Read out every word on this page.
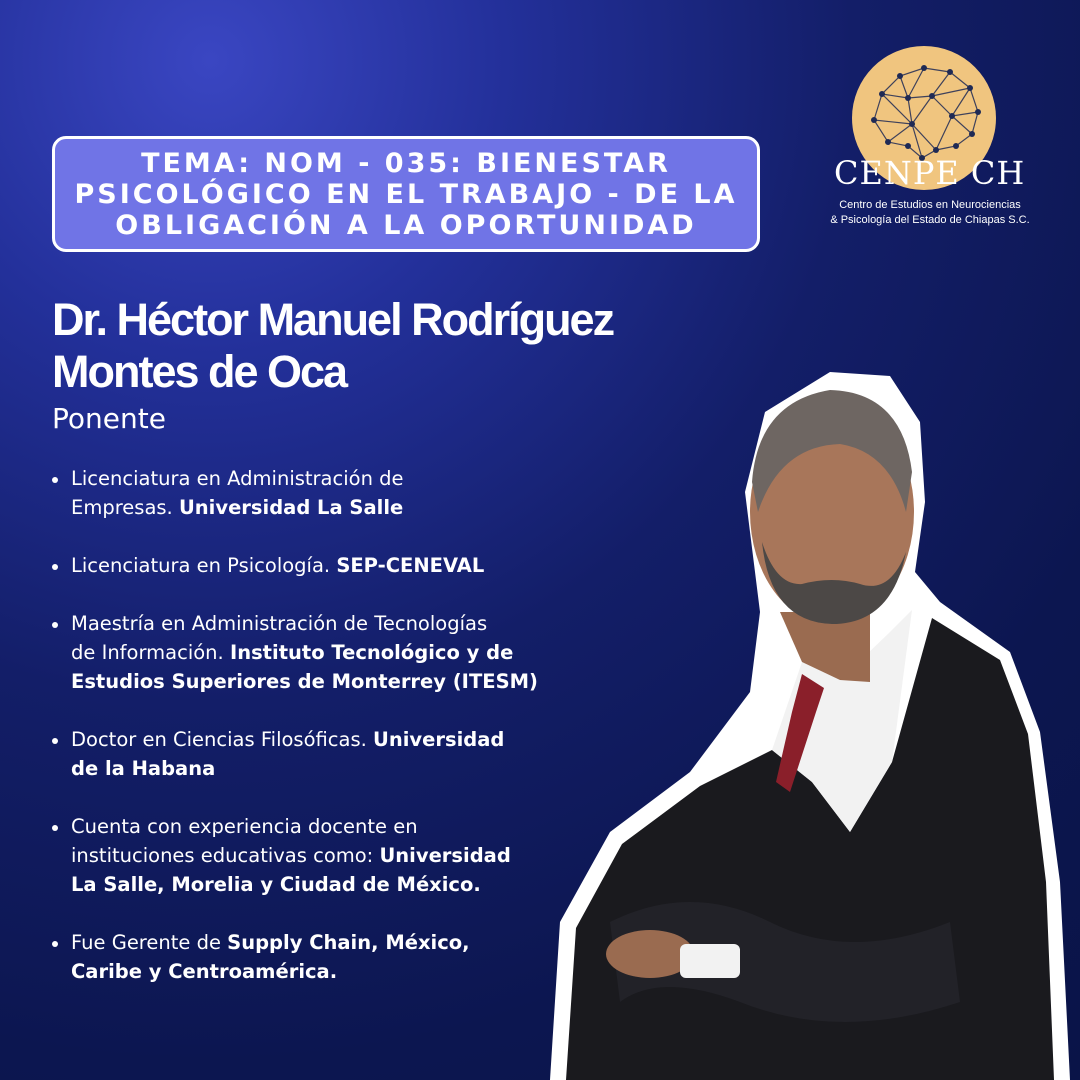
TEMA: NOM - 035: BIENESTAR
PSICOLÓGICO EN EL TRABAJO - DE LA
OBLIGACIÓN A LA OPORTUNIDAD
CENPE CH
Centro de Estudios en Neurociencias
& Psicología del Estado de Chiapas S.C.
Dr. Héctor Manuel Rodríguez
Montes de Oca
Ponente
Licenciatura en Administración de
Empresas. Universidad La Salle
Licenciatura en Psicología. SEP-CENEVAL
Maestría en Administración de Tecnologías
de Información. Instituto Tecnológico y de
Estudios Superiores de Monterrey (ITESM)
Doctor en Ciencias Filosóficas. Universidad
de la Habana
Cuenta con experiencia docente en
instituciones educativas como: Universidad
La Salle, Morelia y Ciudad de México.
Fue Gerente de Supply Chain, México,
Caribe y Centroamérica.
